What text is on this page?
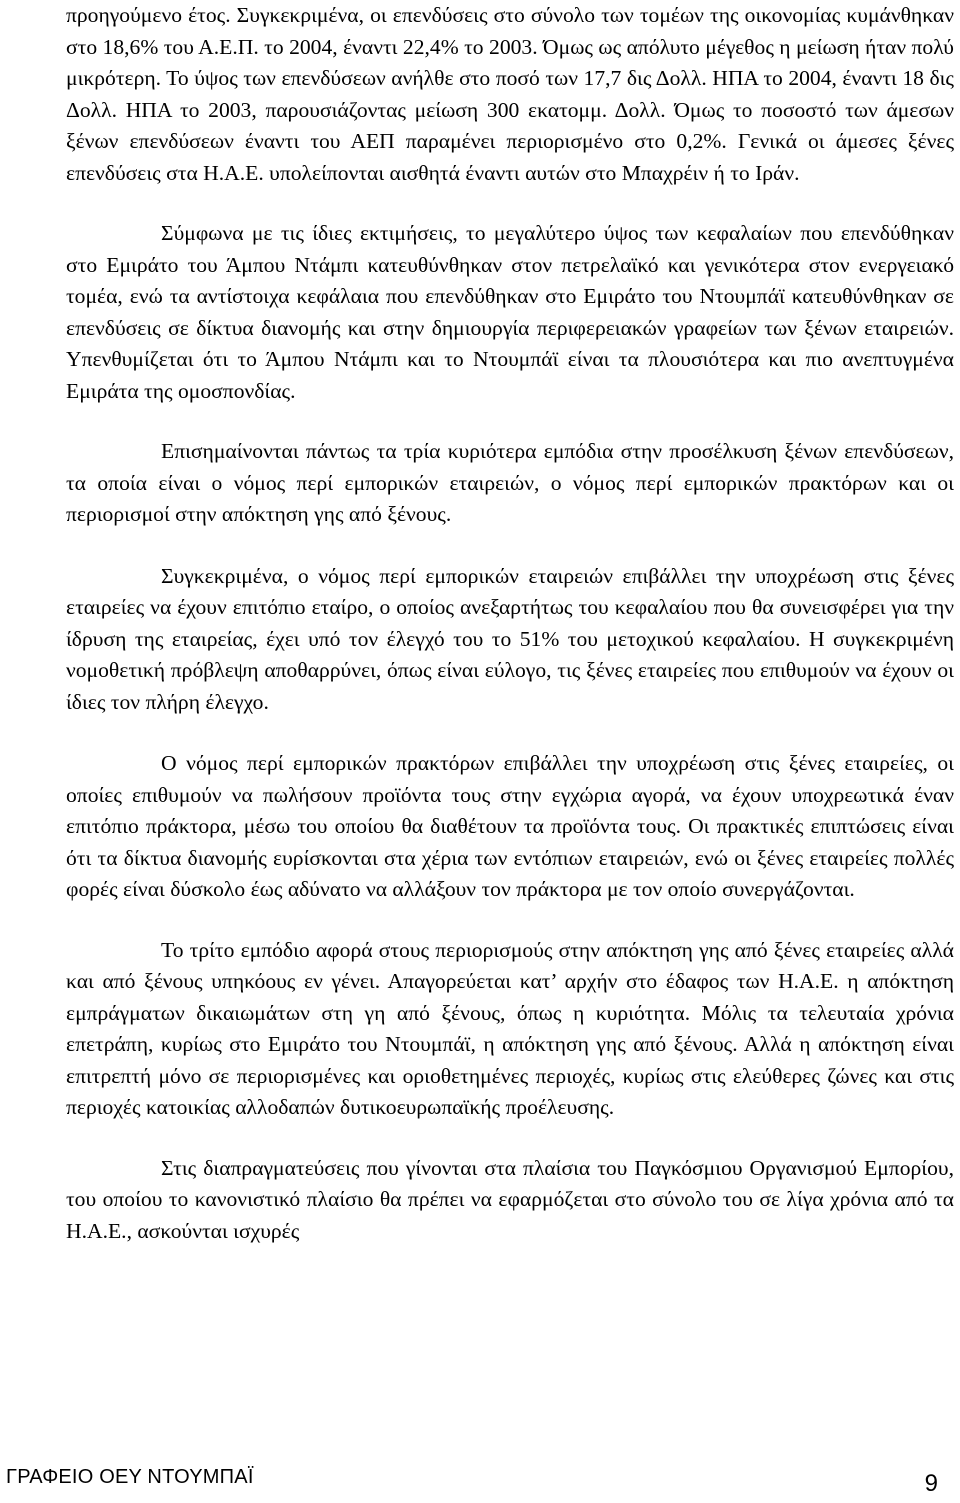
προηγούμενο έτος. Συγκεκριμένα, οι επενδύσεις στο σύνολο των τομέων της οικονομίας κυμάνθηκαν στο 18,6% του Α.Ε.Π. το 2004, έναντι 22,4% το 2003. Όμως ως απόλυτο μέγεθος η μείωση ήταν πολύ μικρότερη. Το ύψος των επενδύσεων ανήλθε στο ποσό των 17,7 δις Δολλ. ΗΠΑ το 2004, έναντι 18 δις Δολλ. ΗΠΑ το 2003, παρουσιάζοντας μείωση 300 εκατομμ. Δολλ. Όμως το ποσοστό των άμεσων ξένων επενδύσεων έναντι του ΑΕΠ παραμένει περιορισμένο στο 0,2%. Γενικά οι άμεσες ξένες επενδύσεις στα Η.Α.Ε. υπολείπονται αισθητά έναντι αυτών στο Μπαχρέιν ή το Ιράν.

Σύμφωνα με τις ίδιες εκτιμήσεις, το μεγαλύτερο ύψος των κεφαλαίων που επενδύθηκαν στο Εμιράτο του Άμπου Ντάμπι κατευθύνθηκαν στον πετρελαϊκό και γενικότερα στον ενεργειακό τομέα, ενώ τα αντίστοιχα κεφάλαια που επενδύθηκαν στο Εμιράτο του Ντουμπάϊ κατευθύνθηκαν σε επενδύσεις σε δίκτυα διανομής και στην δημιουργία περιφερειακών γραφείων των ξένων εταιρειών. Υπενθυμίζεται ότι το Άμπου Ντάμπι και το Ντουμπάϊ είναι τα πλουσιότερα και πιο ανεπτυγμένα Εμιράτα της ομοσπονδίας.

Επισημαίνονται πάντως τα τρία κυριότερα εμπόδια στην προσέλκυση ξένων επενδύσεων, τα οποία είναι ο νόμος περί εμπορικών εταιρειών, ο νόμος περί εμπορικών πρακτόρων και οι περιορισμοί στην απόκτηση γης από ξένους.

Συγκεκριμένα, ο νόμος περί εμπορικών εταιρειών επιβάλλει την υποχρέωση στις ξένες εταιρείες να έχουν επιτόπιο εταίρο, ο οποίος ανεξαρτήτως του κεφαλαίου που θα συνεισφέρει για την ίδρυση της εταιρείας, έχει υπό τον έλεγχό του το 51% του μετοχικού κεφαλαίου. Η συγκεκριμένη νομοθετική πρόβλεψη αποθαρρύνει, όπως είναι εύλογο, τις ξένες εταιρείες που επιθυμούν να έχουν οι ίδιες τον πλήρη έλεγχο.

Ο νόμος περί εμπορικών πρακτόρων επιβάλλει την υποχρέωση στις ξένες εταιρείες, οι οποίες επιθυμούν να πωλήσουν προϊόντα τους στην εγχώρια αγορά, να έχουν υποχρεωτικά έναν επιτόπιο πράκτορα, μέσω του οποίου θα διαθέτουν τα προϊόντα τους. Οι πρακτικές επιπτώσεις είναι ότι τα δίκτυα διανομής ευρίσκονται στα χέρια των εντόπιων εταιρειών, ενώ οι ξένες εταιρείες πολλές φορές είναι δύσκολο έως αδύνατο να αλλάξουν τον πράκτορα με τον οποίο συνεργάζονται.

Το τρίτο εμπόδιο αφορά στους περιορισμούς στην απόκτηση γης από ξένες εταιρείες αλλά και από ξένους υπηκόους εν γένει. Απαγορεύεται κατ’ αρχήν στο έδαφος των Η.Α.Ε. η απόκτηση εμπράγματων δικαιωμάτων στη γη από ξένους, όπως η κυριότητα. Μόλις τα τελευταία χρόνια επετράπη, κυρίως στο Εμιράτο του Ντουμπάϊ, η απόκτηση γης από ξένους. Αλλά η απόκτηση είναι επιτρεπτή μόνο σε περιορισμένες και οριοθετημένες περιοχές, κυρίως στις ελεύθερες ζώνες και στις περιοχές κατοικίας αλλοδαπών δυτικοευρωπαϊκής προέλευσης.

Στις διαπραγματεύσεις που γίνονται στα πλαίσια του Παγκόσμιου Οργανισμού Εμπορίου, του οποίου το κανονιστικό πλαίσιο θα πρέπει να εφαρμόζεται στο σύνολο του σε λίγα χρόνια από τα Η.Α.Ε., ασκούνται ισχυρές

ΓΡΑΦΕΙΟ ΟΕΥ ΝΤΟΥΜΠΑΪ	9
